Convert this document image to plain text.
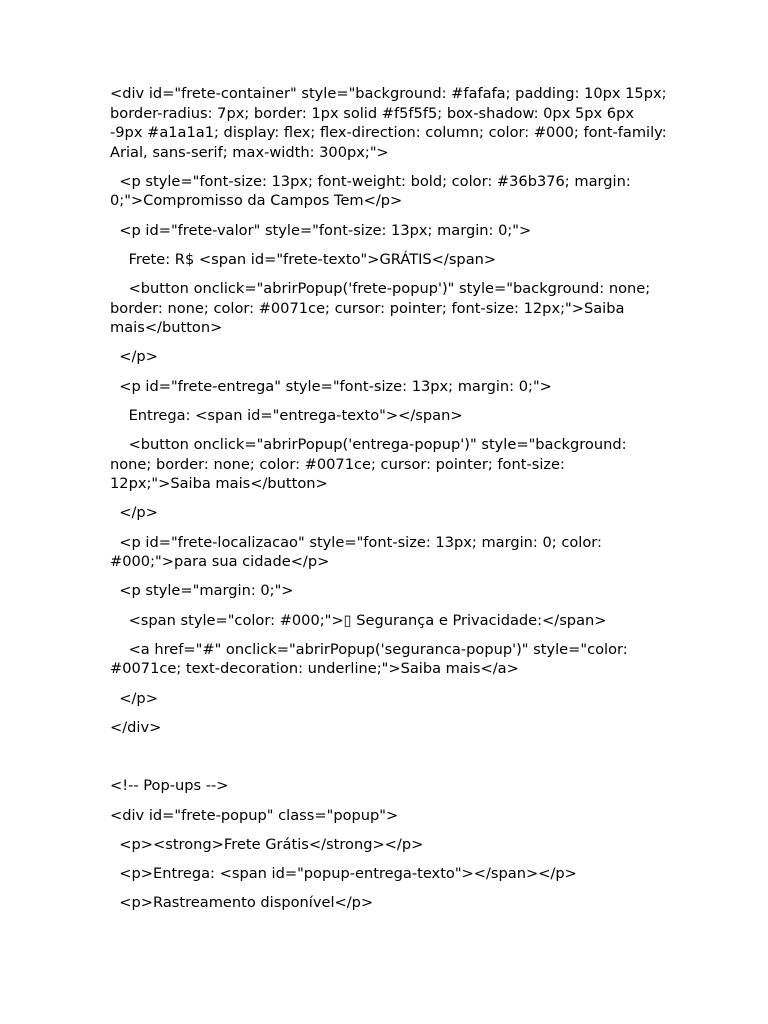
<div id="frete-container" style="background: #fafafa; padding: 10px 15px; border-radius: 7px; border: 1px solid #f5f5f5; box-shadow: 0px 5px 6px -9px #a1a1a1; display: flex; flex-direction: column; color: #000; font-family: Arial, sans-serif; max-width: 300px;">

<p style="font-size: 13px; font-weight: bold; color: #36b376; margin: 0;">Compromisso da Campos Tem</p>

<p id="frete-valor" style="font-size: 13px; margin: 0;">

Frete: R$ <span id="frete-texto">GRÁTIS</span>

<button onclick="abrirPopup('frete-popup')" style="background: none; border: none; color: #0071ce; cursor: pointer; font-size: 12px;">Saiba mais</button>

</p>

<p id="frete-entrega" style="font-size: 13px; margin: 0;">

Entrega: <span id="entrega-texto"></span>

<button onclick="abrirPopup('entrega-popup')" style="background: none; border: none; color: #0071ce; cursor: pointer; font-size: 12px;">Saiba mais</button>

</p>

<p id="frete-localizacao" style="font-size: 13px; margin: 0; color: #000;">para sua cidade</p>

<p style="margin: 0;">

<span style="color: #000;">▯ Segurança e Privacidade:</span>

<a href="#" onclick="abrirPopup('seguranca-popup')" style="color: #0071ce; text-decoration: underline;">Saiba mais</a>

</p>

</div>

<!-- Pop-ups -->

<div id="frete-popup" class="popup">

<p><strong>Frete Grátis</strong></p>

<p>Entrega: <span id="popup-entrega-texto"></span></p>

<p>Rastreamento disponível</p>
